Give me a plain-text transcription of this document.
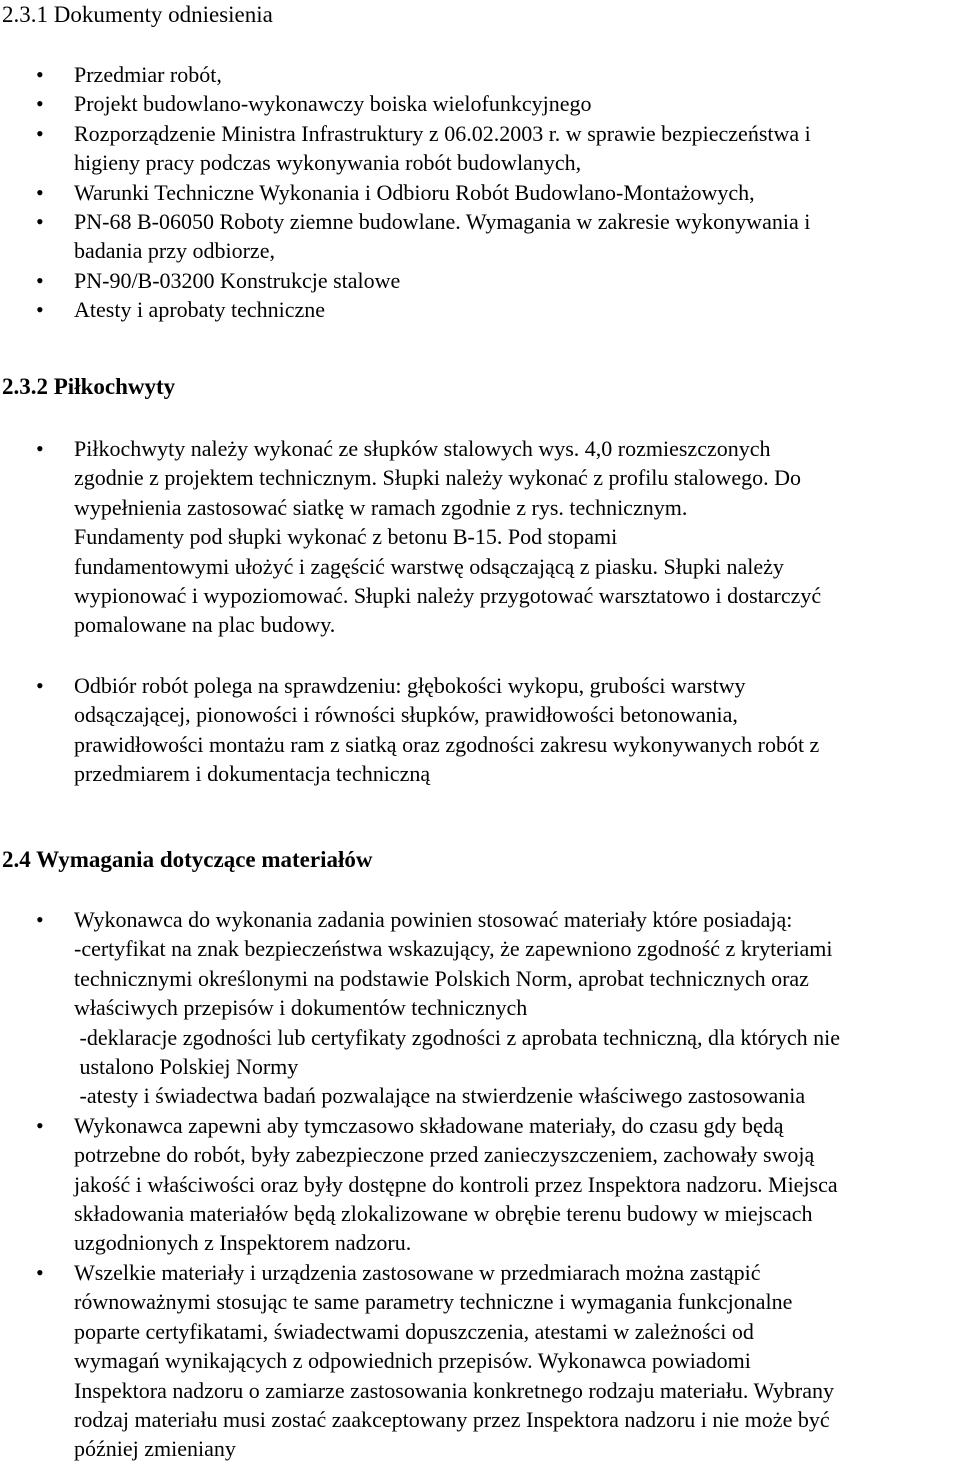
2.3.1 Dokumenty odniesienia
• Przedmiar robót,
• Projekt budowlano-wykonawczy boiska wielofunkcyjnego
• Rozporządzenie Ministra Infrastruktury z 06.02.2003 r. w sprawie bezpieczeństwa i
higieny pracy podczas wykonywania robót budowlanych,
• Warunki Techniczne Wykonania i Odbioru Robót Budowlano-Montażowych,
• PN-68 B-06050 Roboty ziemne budowlane. Wymagania w zakresie wykonywania i
badania przy odbiorze,
• PN-90/B-03200 Konstrukcje stalowe
• Atesty i aprobaty techniczne
2.3.2 Piłkochwyty
• Piłkochwyty należy wykonać ze słupków stalowych wys. 4,0 rozmieszczonych
zgodnie z projektem technicznym. Słupki należy wykonać z profilu stalowego. Do
wypełnienia zastosować siatkę w ramach zgodnie z rys. technicznym.
Fundamenty pod słupki wykonać z betonu B-15. Pod stopami
fundamentowymi ułożyć i zagęścić warstwę odsączającą z piasku. Słupki należy
wypionować i wypoziomować. Słupki należy przygotować warsztatowo i dostarczyć
pomalowane na plac budowy.
• Odbiór robót polega na sprawdzeniu: głębokości wykopu, grubości warstwy
odsączającej, pionowości i równości słupków, prawidłowości betonowania,
prawidłowości montażu ram z siatką oraz zgodności zakresu wykonywanych robót z
przedmiarem i dokumentacja techniczną
2.4 Wymagania dotyczące materiałów
• Wykonawca do wykonania zadania powinien stosować materiały które posiadają:
-certyfikat na znak bezpieczeństwa wskazujący, że zapewniono zgodność z kryteriami
technicznymi określonymi na podstawie Polskich Norm, aprobat technicznych oraz
właściwych przepisów i dokumentów technicznych
-deklaracje zgodności lub certyfikaty zgodności z aprobata techniczną, dla których nie
ustalono Polskiej Normy
-atesty i świadectwa badań pozwalające na stwierdzenie właściwego zastosowania
• Wykonawca zapewni aby tymczasowo składowane materiały, do czasu gdy będą
potrzebne do robót, były zabezpieczone przed zanieczyszczeniem, zachowały swoją
jakość i właściwości oraz były dostępne do kontroli przez Inspektora nadzoru. Miejsca
składowania materiałów będą zlokalizowane w obrębie terenu budowy w miejscach
uzgodnionych z Inspektorem nadzoru.
• Wszelkie materiały i urządzenia zastosowane w przedmiarach można zastąpić
równoważnymi stosując te same parametry techniczne i wymagania funkcjonalne
poparte certyfikatami, świadectwami dopuszczenia, atestami w zależności od
wymagań wynikających z odpowiednich przepisów. Wykonawca powiadomi
Inspektora nadzoru o zamiarze zastosowania konkretnego rodzaju materiału. Wybrany
rodzaj materiału musi zostać zaakceptowany przez Inspektora nadzoru i nie może być
później zmieniany
